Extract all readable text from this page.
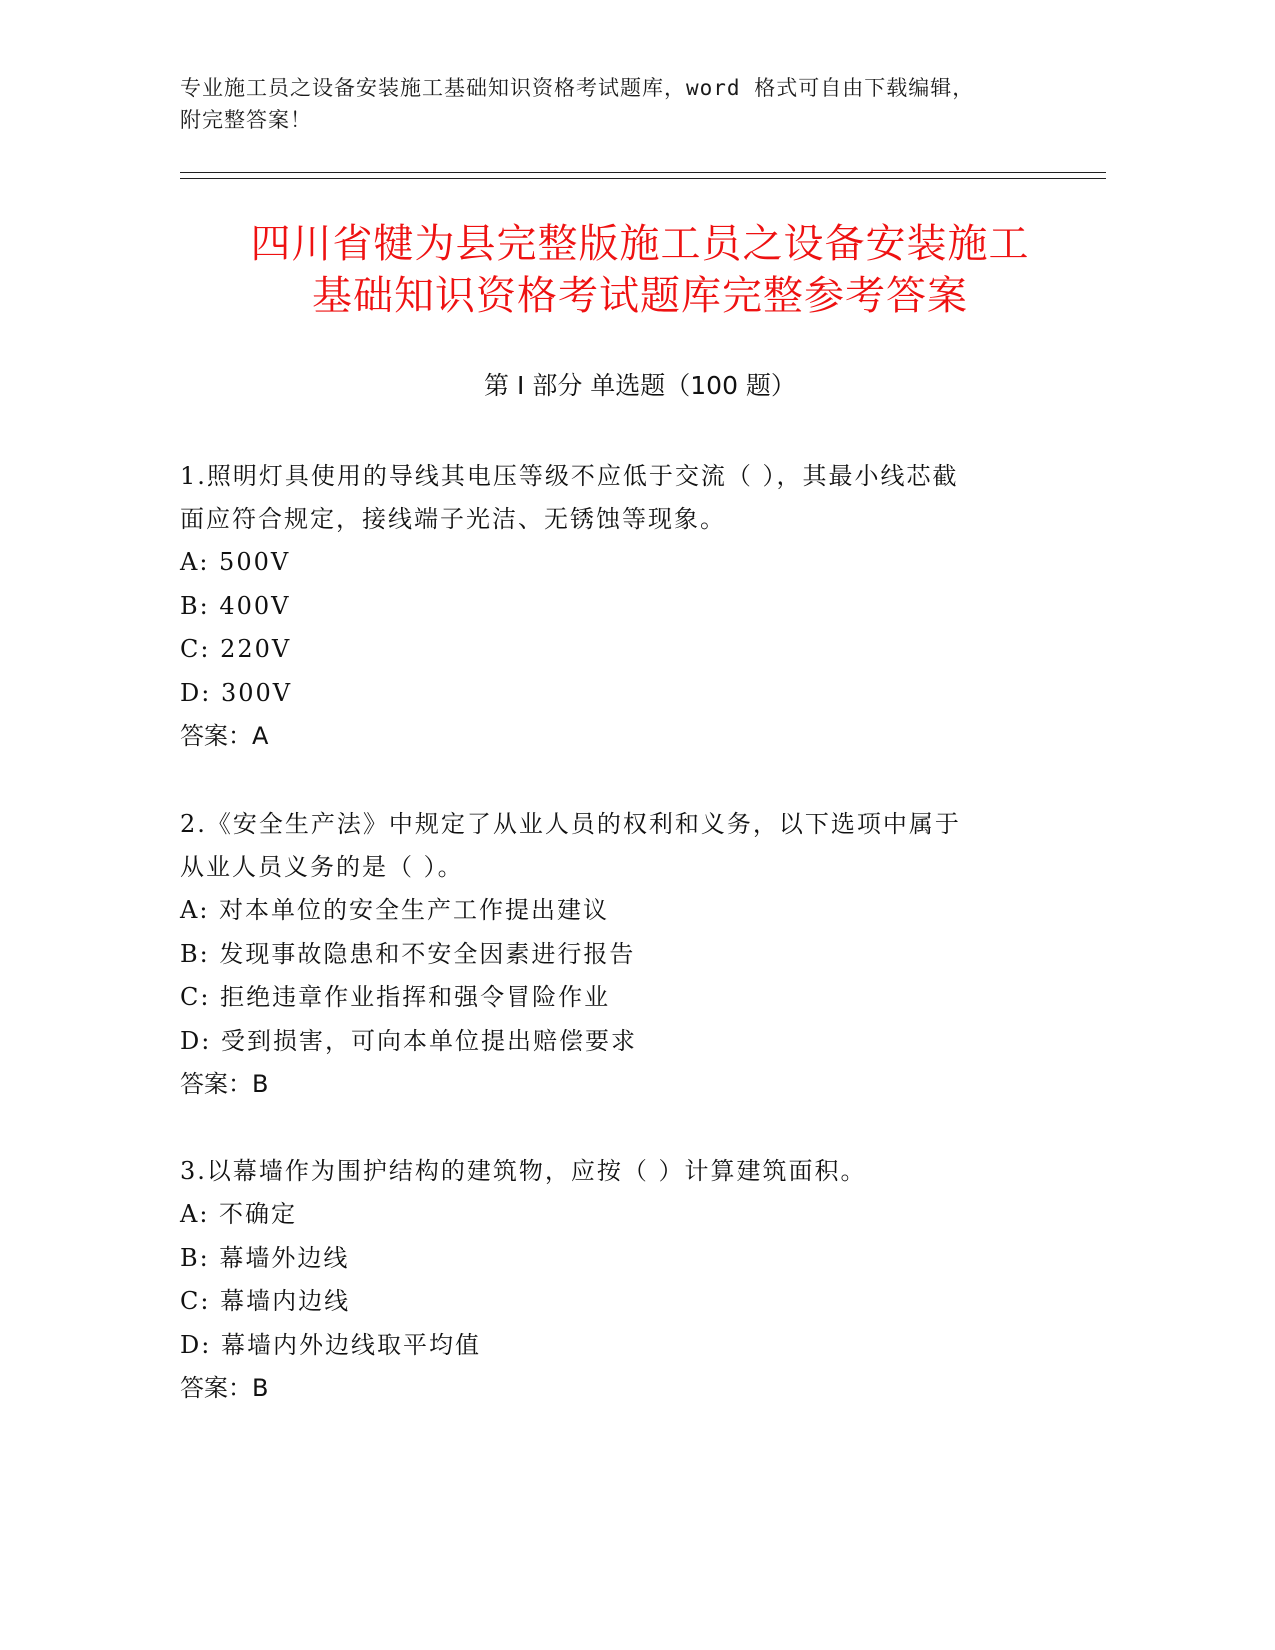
专业施工员之设备安装施工基础知识资格考试题库，word 格式可自由下载编辑，
附完整答案！
四川省犍为县完整版施工员之设备安装施工
基础知识资格考试题库完整参考答案
第 I 部分 单选题（100 题）

1.照明灯具使用的导线其电压等级不应低于交流（ ），其最小线芯截

面应符合规定，接线端子光洁、无锈蚀等现象。

A: 500V

B: 400V

C: 220V

D: 300V

答案：A

2.《安全生产法》中规定了从业人员的权利和义务，以下选项中属于

从业人员义务的是（ ）。

A: 对本单位的安全生产工作提出建议

B: 发现事故隐患和不安全因素进行报告

C: 拒绝违章作业指挥和强令冒险作业

D: 受到损害，可向本单位提出赔偿要求

答案：B

3.以幕墙作为围护结构的建筑物，应按（ ）计算建筑面积。

A: 不确定

B: 幕墙外边线

C: 幕墙内边线

D: 幕墙内外边线取平均值

答案：B
